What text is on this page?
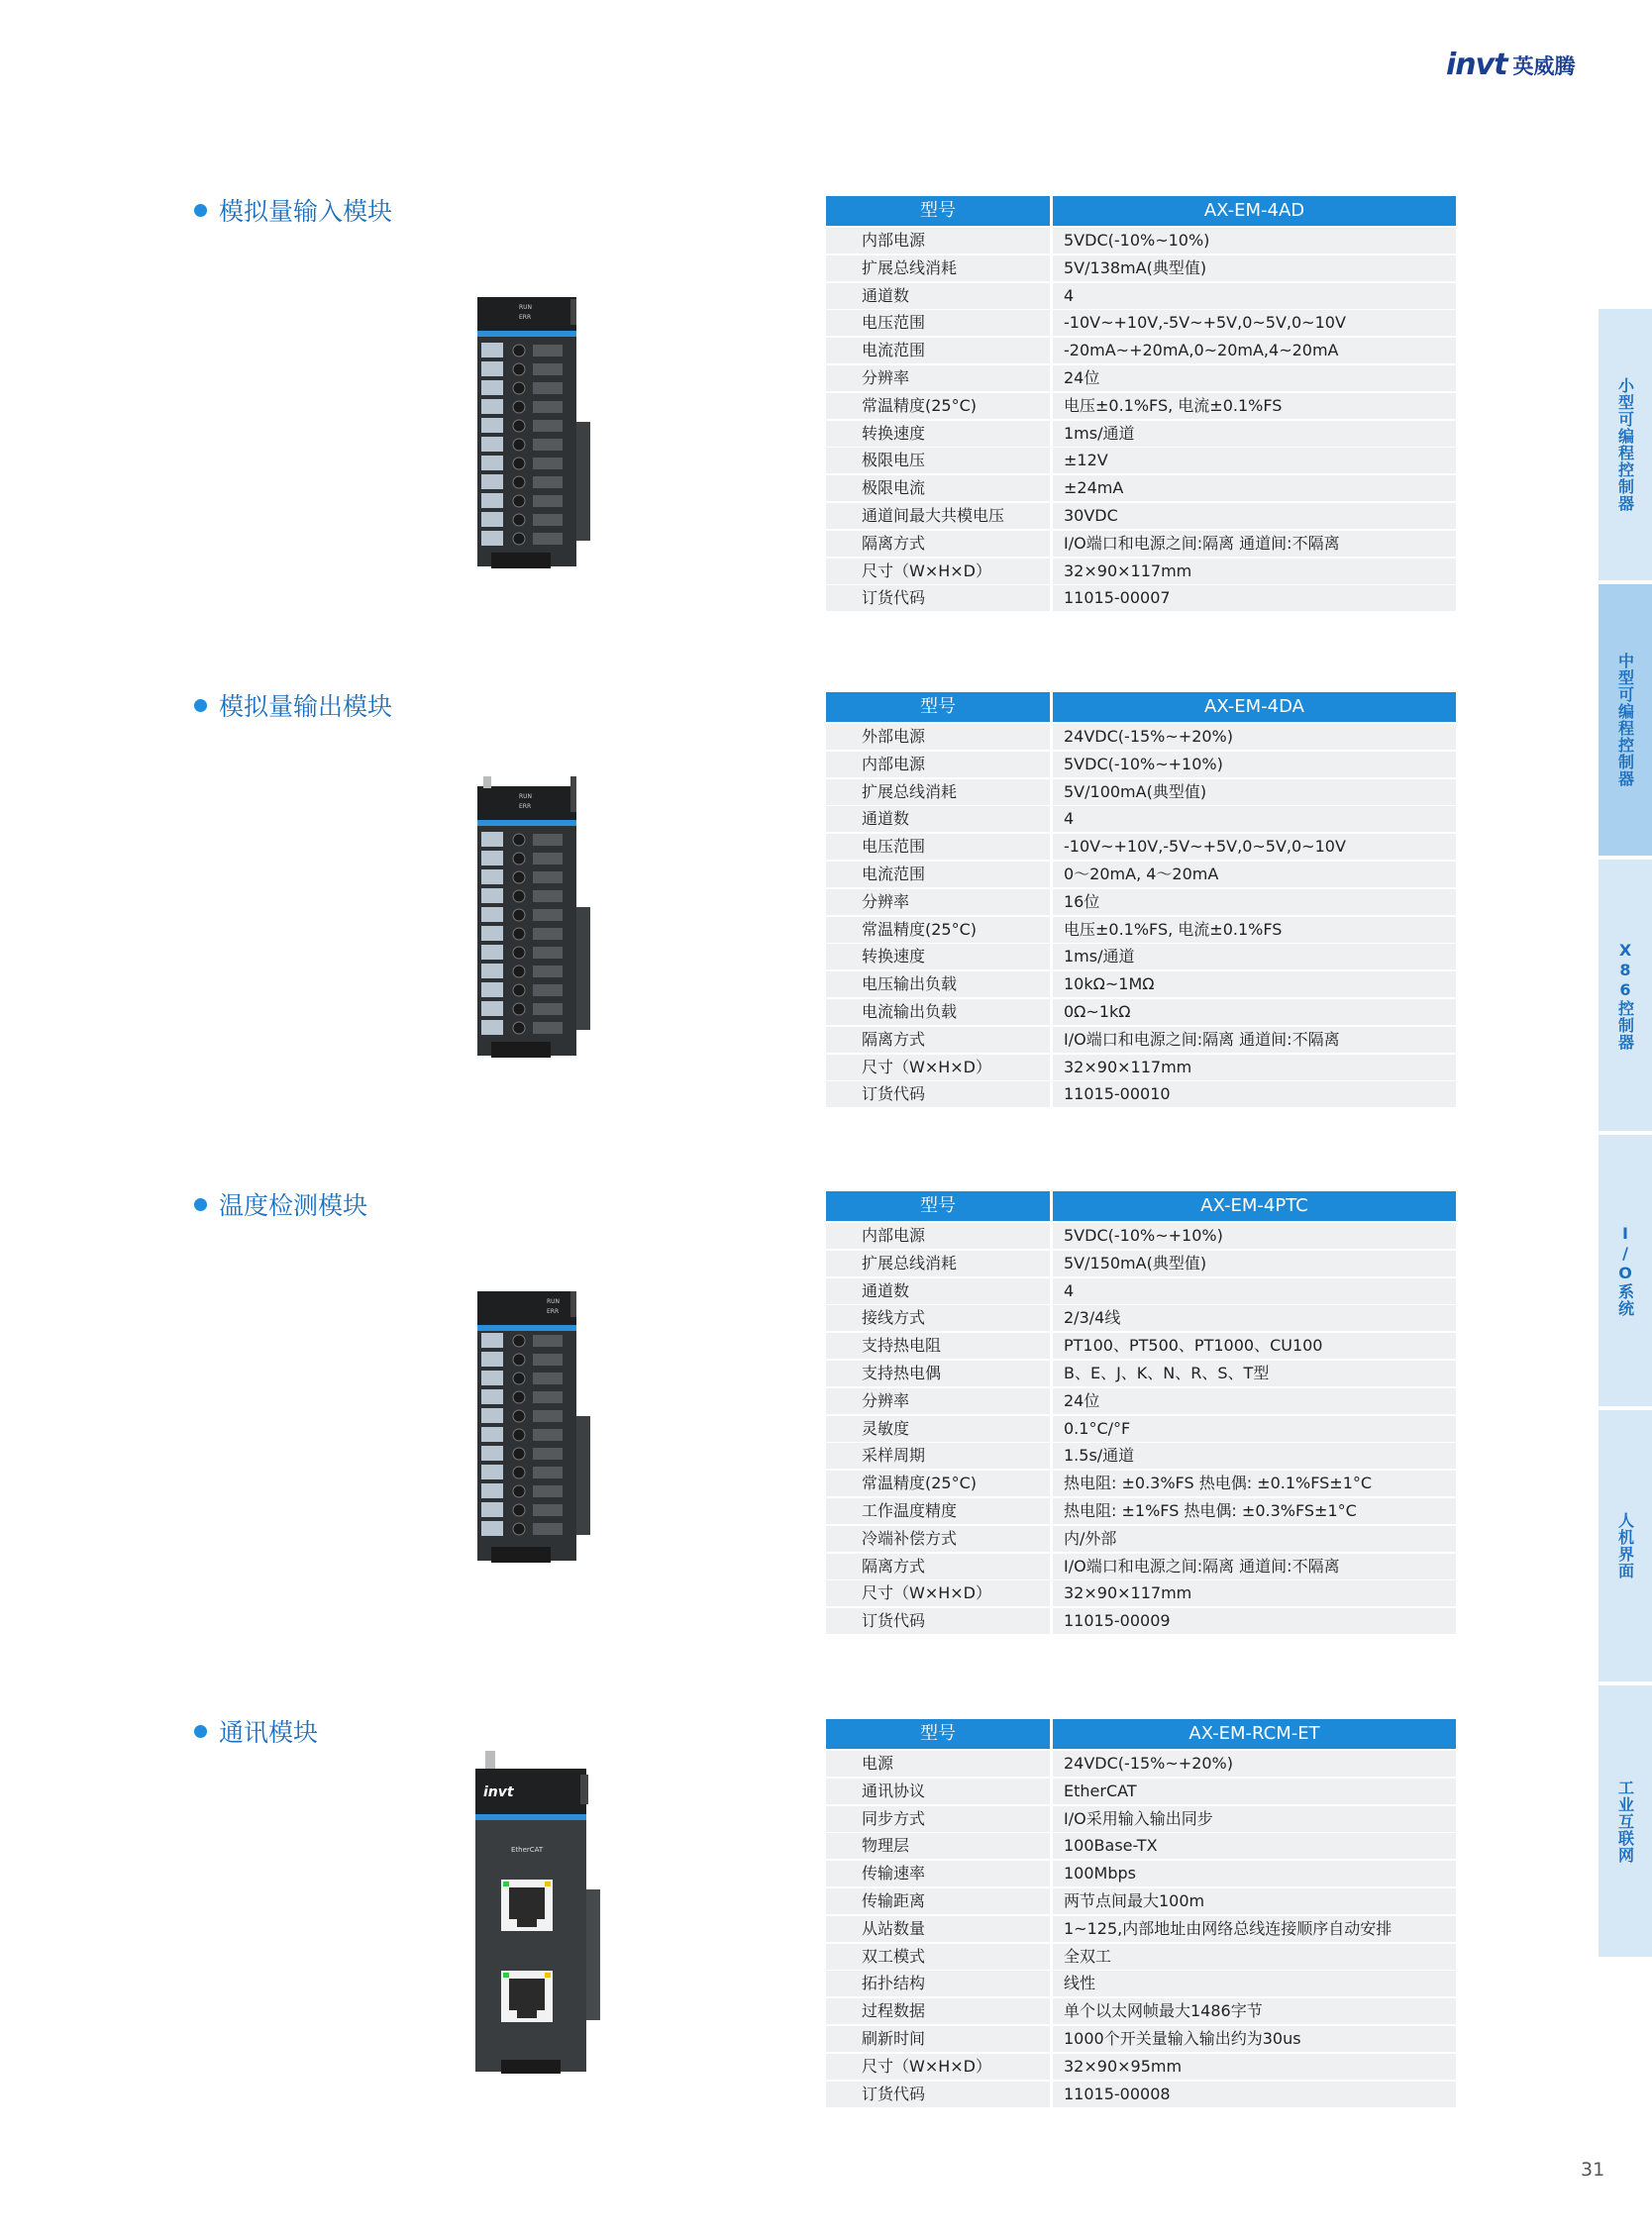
invt 英威腾
小型可编程控制器
中型可编程控制器
X86控制器
I/O系统
人机界面
工业互联网
模拟量输入模块
模拟量输出模块
温度检测模块
通讯模块
型号	AX-EM-4AD
内部电源	5VDC(-10%~10%)
扩展总线消耗	5V/138mA(典型值)
通道数	4
电压范围	-10V~+10V,-5V~+5V,0~5V,0~10V
电流范围	-20mA~+20mA,0~20mA,4~20mA
分辨率	24位
常温精度(25°C)	电压±0.1%FS, 电流±0.1%FS
转换速度	1ms/通道
极限电压	±12V
极限电流	±24mA
通道间最大共模电压	30VDC
隔离方式	I/O端口和电源之间:隔离 通道间:不隔离
尺寸（W×H×D）	32×90×117mm
订货代码	11015-00007
型号	AX-EM-4DA
外部电源	24VDC(-15%~+20%)
内部电源	5VDC(-10%~+10%)
扩展总线消耗	5V/100mA(典型值)
通道数	4
电压范围	-10V~+10V,-5V~+5V,0~5V,0~10V
电流范围	0～20mA, 4～20mA
分辨率	16位
常温精度(25°C)	电压±0.1%FS, 电流±0.1%FS
转换速度	1ms/通道
电压输出负载	10kΩ~1MΩ
电流输出负载	0Ω~1kΩ
隔离方式	I/O端口和电源之间:隔离 通道间:不隔离
尺寸（W×H×D）	32×90×117mm
订货代码	11015-00010
型号	AX-EM-4PTC
内部电源	5VDC(-10%~+10%)
扩展总线消耗	5V/150mA(典型值)
通道数	4
接线方式	2/3/4线
支持热电阻	PT100、PT500、PT1000、CU100
支持热电偶	B、E、J、K、N、R、S、T型
分辨率	24位
灵敏度	0.1°C/°F
采样周期	1.5s/通道
常温精度(25°C)	热电阻: ±0.3%FS 热电偶: ±0.1%FS±1°C
工作温度精度	热电阻: ±1%FS 热电偶: ±0.3%FS±1°C
冷端补偿方式	内/外部
隔离方式	I/O端口和电源之间:隔离 通道间:不隔离
尺寸（W×H×D）	32×90×117mm
订货代码	11015-00009
型号	AX-EM-RCM-ET
电源	24VDC(-15%~+20%)
通讯协议	EtherCAT
同步方式	I/O采用输入输出同步
物理层	100Base-TX
传输速率	100Mbps
传输距离	两节点间最大100m
从站数量	1~125,内部地址由网络总线连接顺序自动安排
双工模式	全双工
拓扑结构	线性
过程数据	单个以太网帧最大1486字节
刷新时间	1000个开关量输入输出约为30us
尺寸（W×H×D）	32×90×95mm
订货代码	11015-00008
RUN
ERR
RUN
ERR
RUN
ERR
invt
EtherCAT
31
